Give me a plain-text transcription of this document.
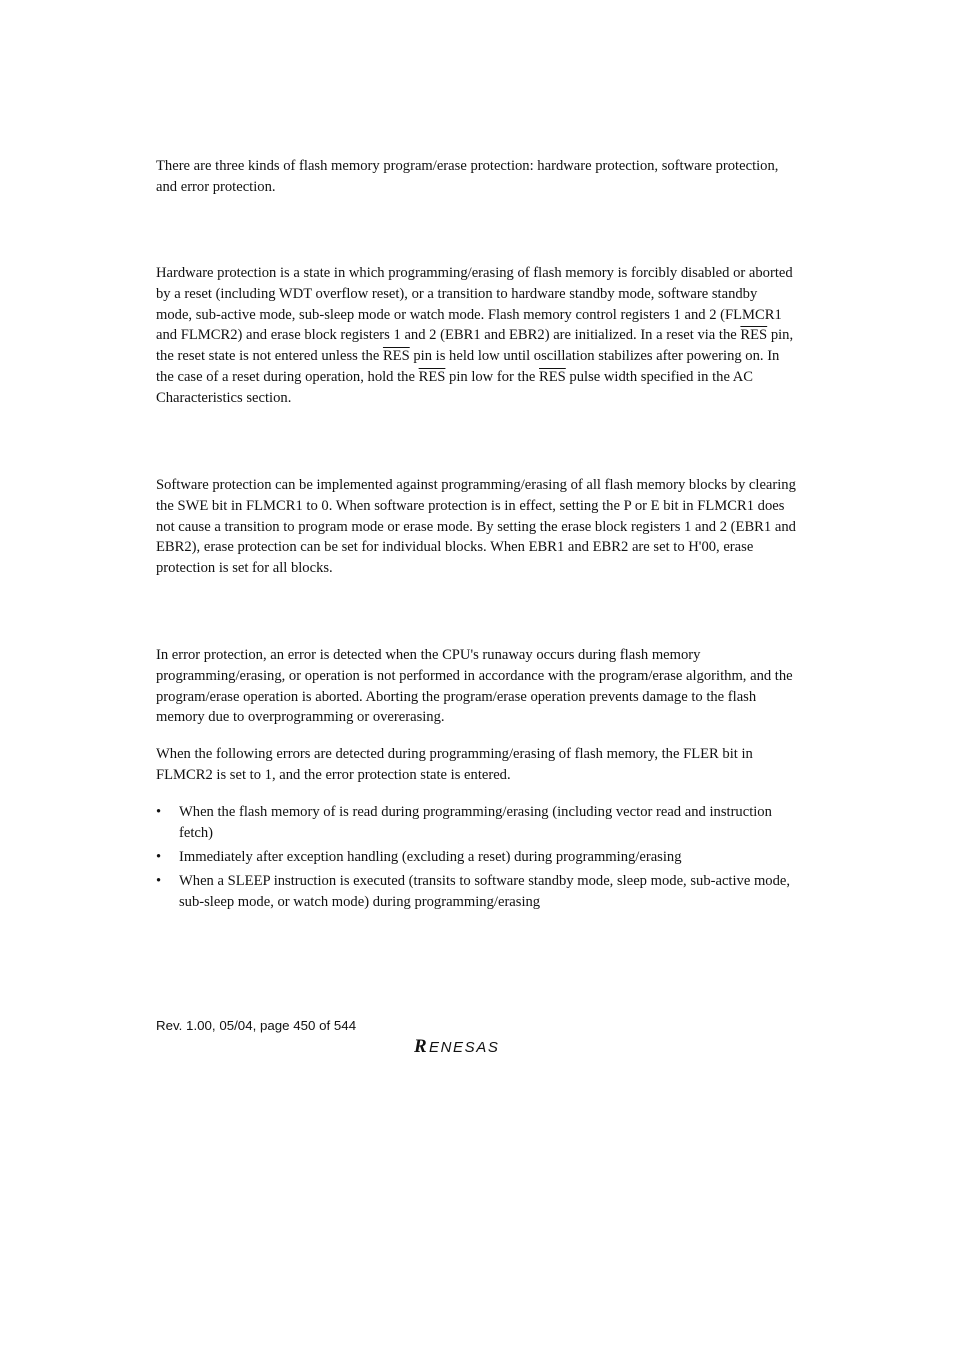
There are three kinds of flash memory program/erase protection: hardware protection, software protection, and error protection.

Hardware protection is a state in which programming/erasing of flash memory is forcibly disabled or aborted by a reset (including WDT overflow reset), or a transition to hardware standby mode, software standby mode, sub-active mode, sub-sleep mode or watch mode. Flash memory control registers 1 and 2 (FLMCR1 and FLMCR2) and erase block registers 1 and 2 (EBR1 and EBR2) are initialized. In a reset via the $\overline{RES}$ pin, the reset state is not entered unless the $\overline{RES}$ pin is held low until oscillation stabilizes after powering on. In the case of a reset during operation, hold the $\overline{RES}$ pin low for the $\overline{RES}$ pulse width specified in the AC Characteristics section.

Software protection can be implemented against programming/erasing of all flash memory blocks by clearing the SWE bit in FLMCR1 to 0. When software protection is in effect, setting the P or E bit in FLMCR1 does not cause a transition to program mode or erase mode. By setting the erase block registers 1 and 2 (EBR1 and EBR2), erase protection can be set for individual blocks. When EBR1 and EBR2 are set to H'00, erase protection is set for all blocks.

In error protection, an error is detected when the CPU's runaway occurs during flash memory programming/erasing, or operation is not performed in accordance with the program/erase algorithm, and the program/erase operation is aborted. Aborting the program/erase operation prevents damage to the flash memory due to overprogramming or overerasing.

When the following errors are detected during programming/erasing of flash memory, the FLER bit in FLMCR2 is set to 1, and the error protection state is entered.

• When the flash memory of is read during programming/erasing (including vector read and instruction fetch)
• Immediately after exception handling (excluding a reset) during programming/erasing
• When a SLEEP instruction is executed (transits to software standby mode, sleep mode, sub-active mode, sub-sleep mode, or watch mode) during programming/erasing
Rev. 1.00, 05/04, page 450 of 544
R ENESAS
